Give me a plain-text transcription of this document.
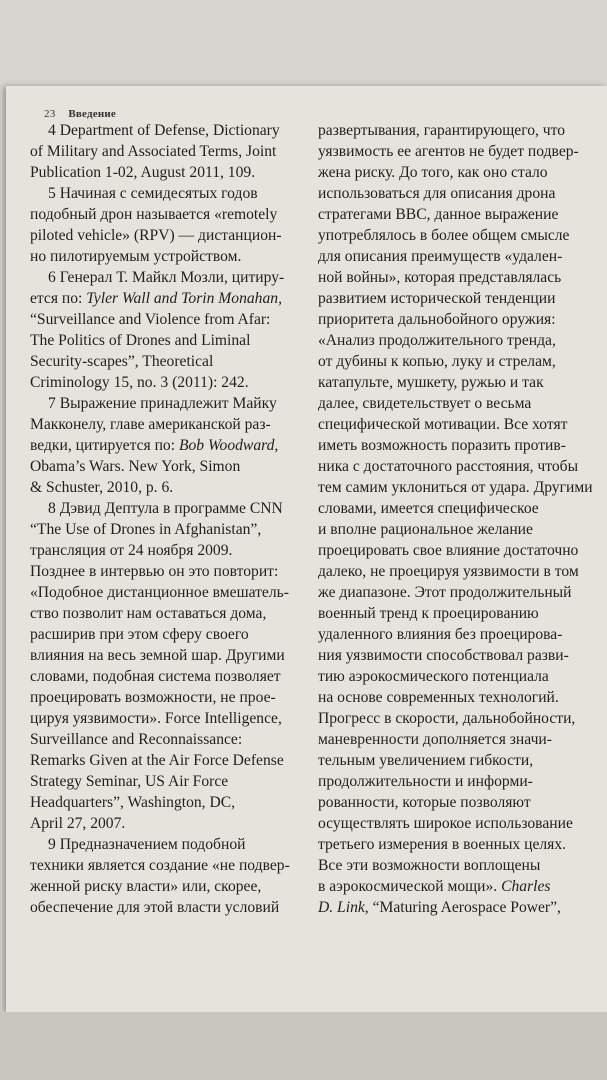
23 Введение
4 Department of Defense, Dictionary
of Military and Associated Terms, Joint
Publication 1-02, August 2011, 109.
5 Начиная с семидесятых годов
подобный дрон называется «remotely
piloted vehicle» (RPV) — дистанцион-
но пилотируемым устройством.
6 Генерал Т. Майкл Мозли, цитиру-
ется по: Tyler Wall and Torin Monahan,
“Surveillance and Violence from Afar:
The Politics of Drones and Liminal
Security-scapes”, Theoretical
Criminology 15, no. 3 (2011): 242.
7 Выражение принадлежит Майку
Макконелу, главе американской раз-
ведки, цитируется по: Bob Woodward,
Obama’s Wars. New York, Simon
& Schuster, 2010, p. 6.
8 Дэвид Дептула в программе CNN
“The Use of Drones in Afghanistan”,
трансляция от 24 ноября 2009.
Позднее в интервью он это повторит:
«Подобное дистанционное вмешатель-
ство позволит нам оставаться дома,
расширив при этом сферу своего
влияния на весь земной шар. Другими
словами, подобная система позволяет
проецировать возможности, не прое-
цируя уязвимости». Force Intelligence,
Surveillance and Reconnaissance:
Remarks Given at the Air Force Defense
Strategy Seminar, US Air Force
Headquarters”, Washington, DC,
April 27, 2007.
9 Предназначением подобной
техники является создание «не подвер-
женной риску власти» или, скорее,
обеспечение для этой власти условий
развертывания, гарантирующего, что
уязвимость ее агентов не будет подвер-
жена риску. До того, как оно стало
использоваться для описания дрона
стратегами ВВС, данное выражение
употреблялось в более общем смысле
для описания преимуществ «удален-
ной войны», которая представлялась
развитием исторической тенденции
приоритета дальнобойного оружия:
«Анализ продолжительного тренда,
от дубины к копью, луку и стрелам,
катапульте, мушкету, ружью и так
далее, свидетельствует о весьма
специфической мотивации. Все хотят
иметь возможность поразить против-
ника с достаточного расстояния, чтобы
тем самим уклониться от удара. Другими
словами, имеется специфическое
и вполне рациональное желание
проецировать свое влияние достаточно
далеко, не проецируя уязвимости в том
же диапазоне. Этот продолжительный
военный тренд к проецированию
удаленного влияния без проецирова-
ния уязвимости способствовал разви-
тию аэрокосмического потенциала
на основе современных технологий.
Прогресс в скорости, дальнобойности,
маневренности дополняется значи-
тельным увеличением гибкости,
продолжительности и информи-
рованности, которые позволяют
осуществлять широкое использование
третьего измерения в военных целях.
Все эти возможности воплощены
в аэрокосмической мощи». Charles
D. Link, “Maturing Aerospace Power”,
